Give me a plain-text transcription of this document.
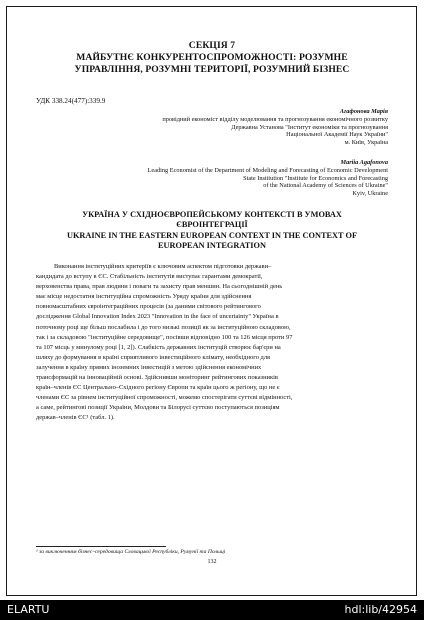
СЕКЦІЯ 7
МАЙБУТНЄ КОНКУРЕНТОСПРОМОЖНОСТІ: РОЗУМНЕ
УПРАВЛІННЯ, РОЗУМНІ ТЕРИТОРІЇ, РОЗУМНИЙ БІЗНЕС
УДК 338.24(477):339.9
Агафонова Марія
провідний економіст відділу моделювання та прогнозування економічного розвитку
Державна Установа "Інститут економіки та прогнозування
Національної Академії Наук України"
м. Київ, Україна
Mariia Agafonova
Leading Economist of the Department of Modeling and Forecasting of Economic Development
State Institution "Institute for Economics and Forecasting
of the National Academy of Sciences of Ukraine"
Kyiv, Ukraine
УКРАЇНА У СХІДНОЄВРОПЕЙСЬКОМУ КОНТЕКСТІ В УМОВАХ
ЄВРОІНТЕГРАЦІЇ
UKRAINE IN THE EASTERN EUROPEAN CONTEXT IN THE CONTEXT OF
EUROPEAN INTEGRATION
Виконання інституційних критеріїв є ключовим аспектом підготовки держави–
кандидата до вступу в ЄС. Стабільність інститутів виступає гарантами демократії,
верховенства права, прав людини і поваги та захисту прав меншин. На сьогоднішній день
має місце недостатня інституційна спроможність Уряду країни для здійснення
повномасштабних євроінтеграційних процесів (за даними світового рейтингового
дослідження Global Innovation Index 2023 "Innovation in the face of uncertainty" Україна в
поточному році ще більш послабила і до того низькі позиції як за інституційною складовою,
так і за складовою "інституційне середовище", посівши відповідно 100 та 126 місця проти 97
та 107 місць у минулому році [1, 2]). Слабкість державних інституцій створює бар'єри на
шляху до формування в країні сприятливого інвестиційного клімату, необхідного для
залучення в країну прямих іноземних інвестицій з метою здійснення економічних
трансформацій на інноваційній основі. Здійснивши моніторинг рейтингових показників
країн–членів ЄС Центрально–Східного регіону Європи та країн цього ж регіону, що не є
членами ЄС за рівнем інституційної спроможності, можемо спостерігати суттєві відмінності,
а саме, рейтингові позиції України, Молдови та Білорусі суттєво поступаються позиціям
держав–членів ЄС¹ (табл. 1).
¹ за виключенням бізнес–середовища Словацької Республіки, Румунії та Польщі
132
ELARTU	hdl:lib/42954
